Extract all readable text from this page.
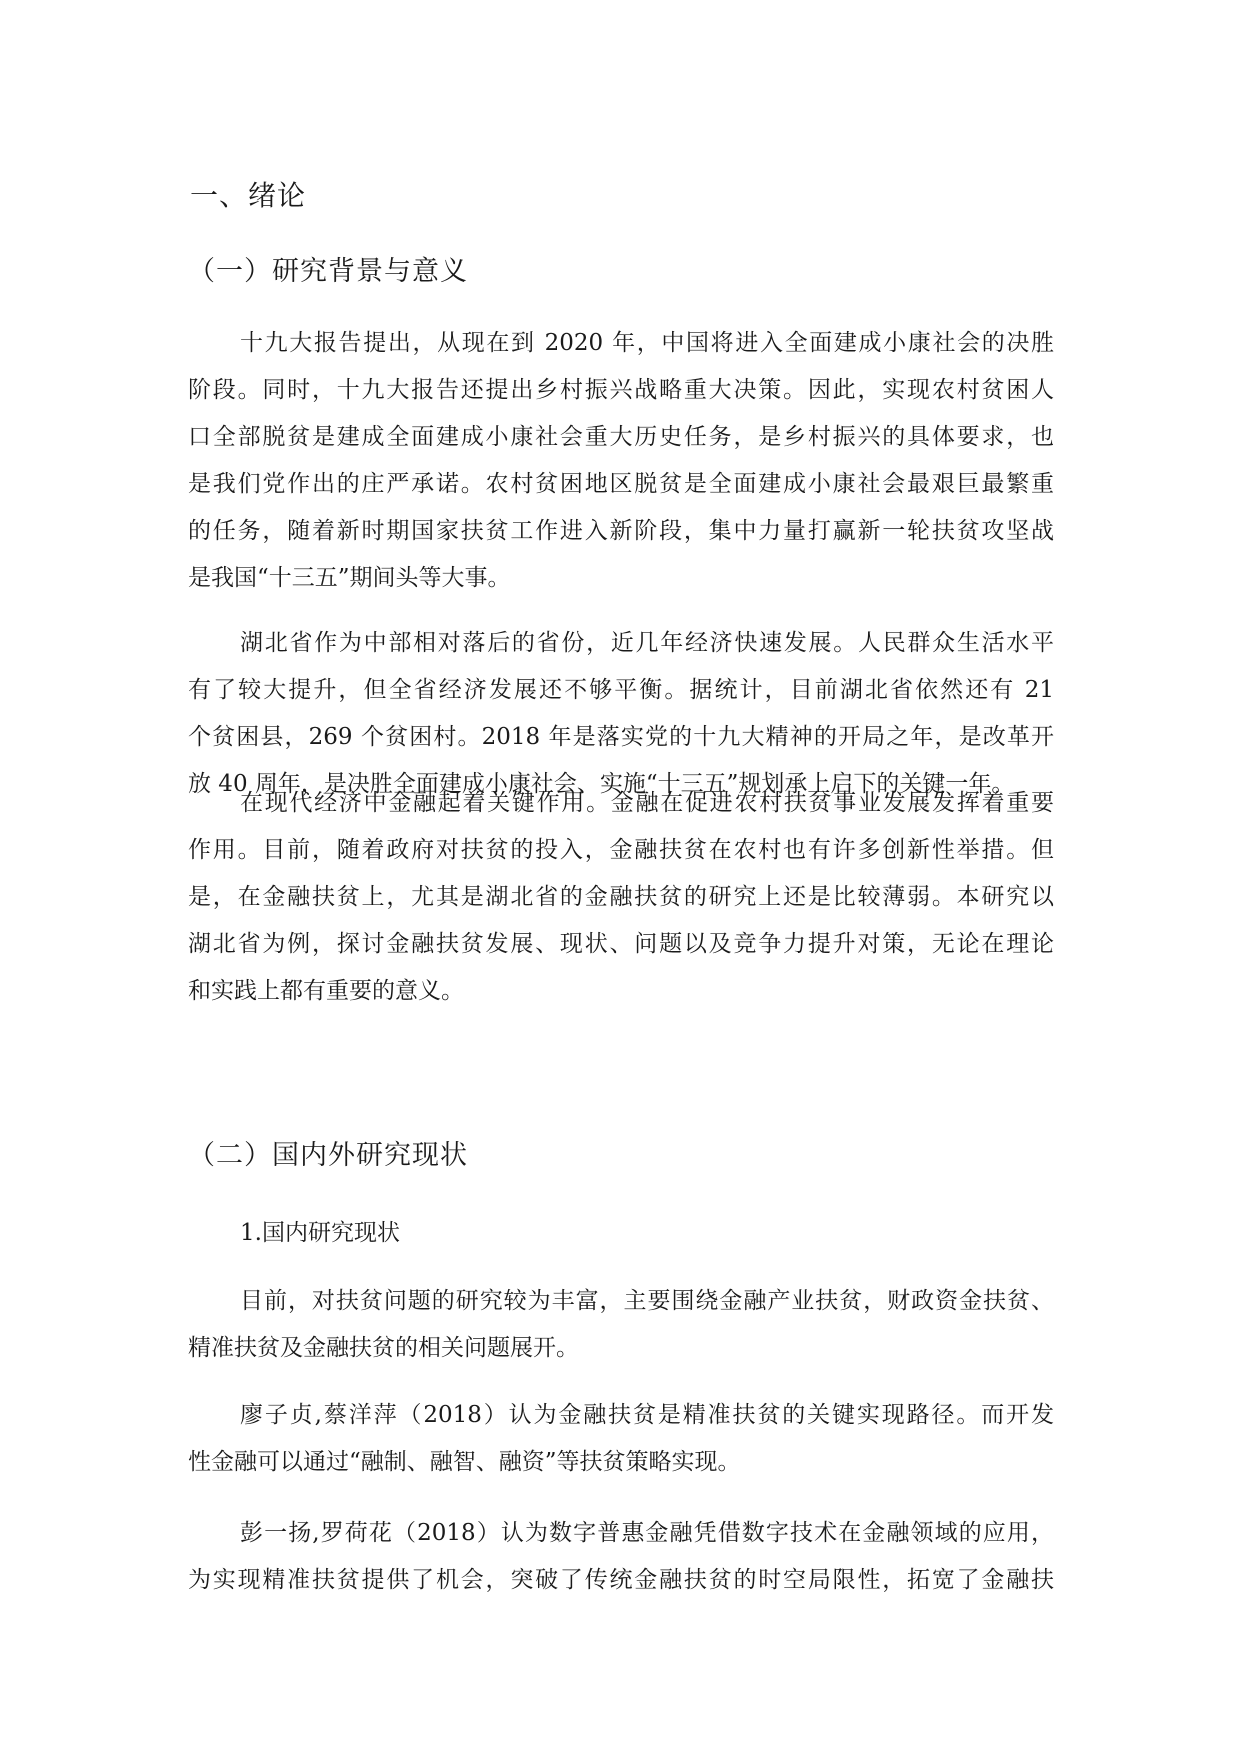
一、绪论
（一）研究背景与意义
十九大报告提出，从现在到 2020 年，中国将进入全面建成小康社会的决胜
阶段。同时，十九大报告还提出乡村振兴战略重大决策。因此，实现农村贫困人
口全部脱贫是建成全面建成小康社会重大历史任务，是乡村振兴的具体要求，也
是我们党作出的庄严承诺。农村贫困地区脱贫是全面建成小康社会最艰巨最繁重
的任务，随着新时期国家扶贫工作进入新阶段，集中力量打赢新一轮扶贫攻坚战
是我国“十三五”期间头等大事。
湖北省作为中部相对落后的省份，近几年经济快速发展。人民群众生活水平
有了较大提升，但全省经济发展还不够平衡。据统计，目前湖北省依然还有 21
个贫困县，269 个贫困村。2018 年是落实党的十九大精神的开局之年，是改革开
放 40 周年，是决胜全面建成小康社会、实施“十三五”规划承上启下的关键一年。
在现代经济中金融起着关键作用。金融在促进农村扶贫事业发展发挥着重要
作用。目前，随着政府对扶贫的投入，金融扶贫在农村也有许多创新性举措。但
是，在金融扶贫上，尤其是湖北省的金融扶贫的研究上还是比较薄弱。本研究以
湖北省为例，探讨金融扶贫发展、现状、问题以及竞争力提升对策，无论在理论
和实践上都有重要的意义。
（二）国内外研究现状
1.国内研究现状
目前，对扶贫问题的研究较为丰富，主要围绕金融产业扶贫，财政资金扶贫、
精准扶贫及金融扶贫的相关问题展开。
廖子贞,蔡洋萍（2018）认为金融扶贫是精准扶贫的关键实现路径。而开发
性金融可以通过“融制、融智、融资”等扶贫策略实现。
彭一扬,罗荷花（2018）认为数字普惠金融凭借数字技术在金融领域的应用，
为实现精准扶贫提供了机会，突破了传统金融扶贫的时空局限性，拓宽了金融扶
